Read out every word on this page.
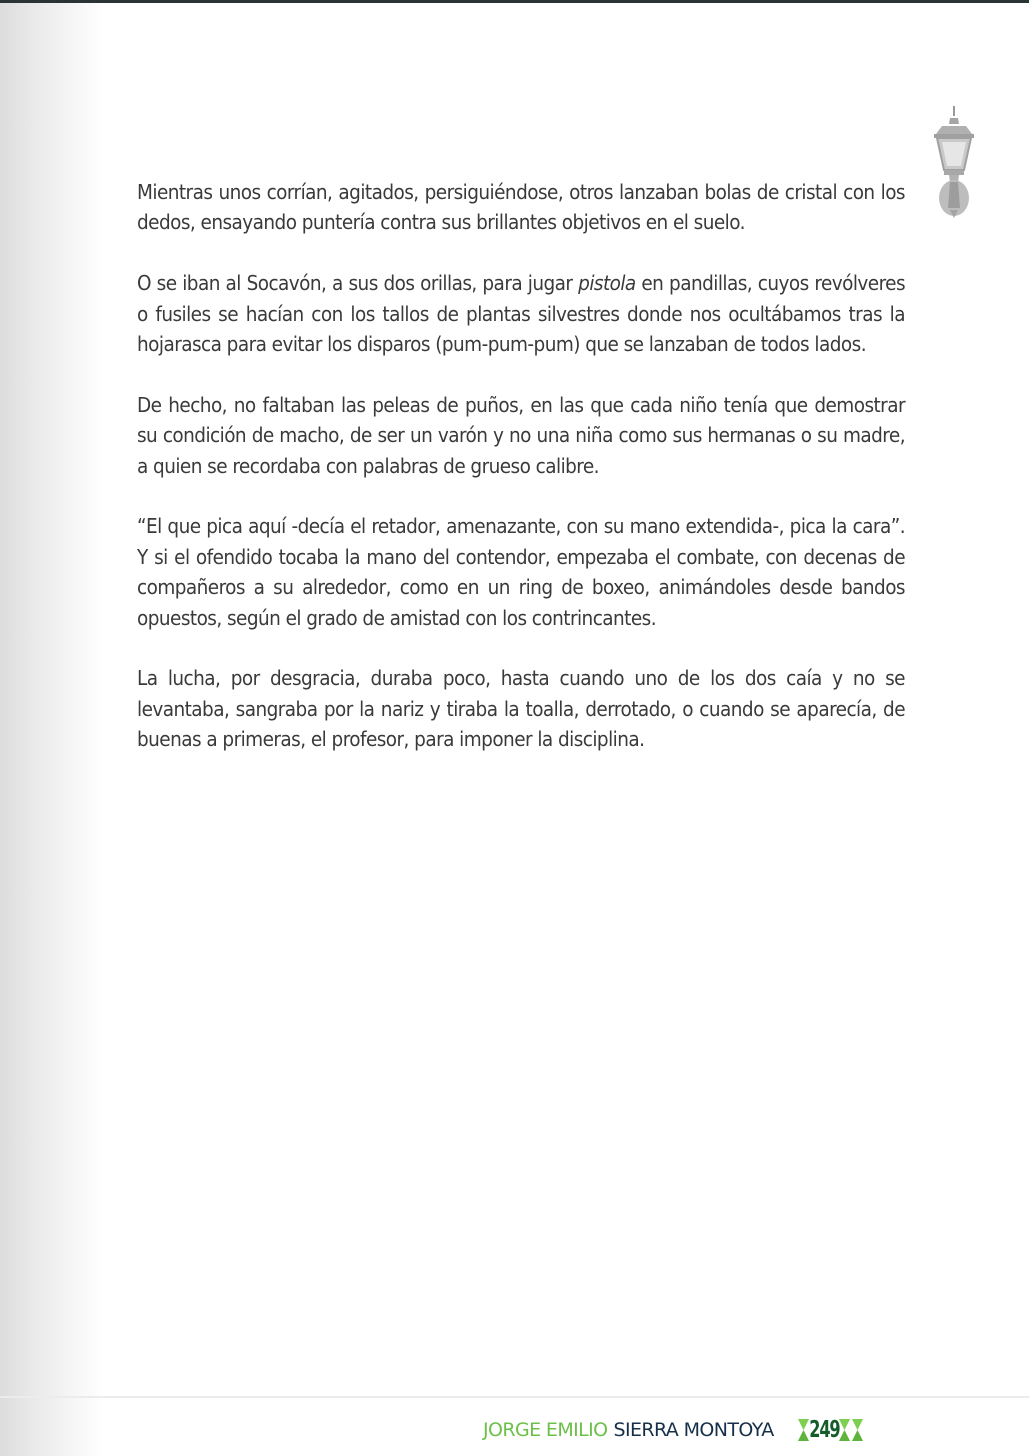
Mientras unos corrían, agitados, persiguiéndose, otros lanzaban bolas de cristal con los dedos, ensayando puntería contra sus brillantes objetivos en el suelo.

O se iban al Socavón, a sus dos orillas, para jugar pistola en pandillas, cuyos revólveres o fusiles se hacían con los tallos de plantas silvestres donde nos ocultábamos tras la hojarasca para evitar los disparos (pum-pum-pum) que se lanzaban de todos lados.

De hecho, no faltaban las peleas de puños, en las que cada niño tenía que demostrar su condición de macho, de ser un varón y no una niña como sus hermanas o su madre, a quien se recordaba con palabras de grueso calibre.

“El que pica aquí -decía el retador, amenazante, con su mano extendida-, pica la cara”. Y si el ofendido tocaba la mano del contendor, empezaba el combate, con decenas de compañeros a su alrededor, como en un ring de boxeo, animándoles desde bandos opuestos, según el grado de amistad con los contrincantes.

La lucha, por desgracia, duraba poco, hasta cuando uno de los dos caía y no se levantaba, sangraba por la nariz y tiraba la toalla, derrotado, o cuando se aparecía, de buenas a primeras, el profesor, para imponer la disciplina.

JORGE EMILIO SIERRA MONTOYA 249
